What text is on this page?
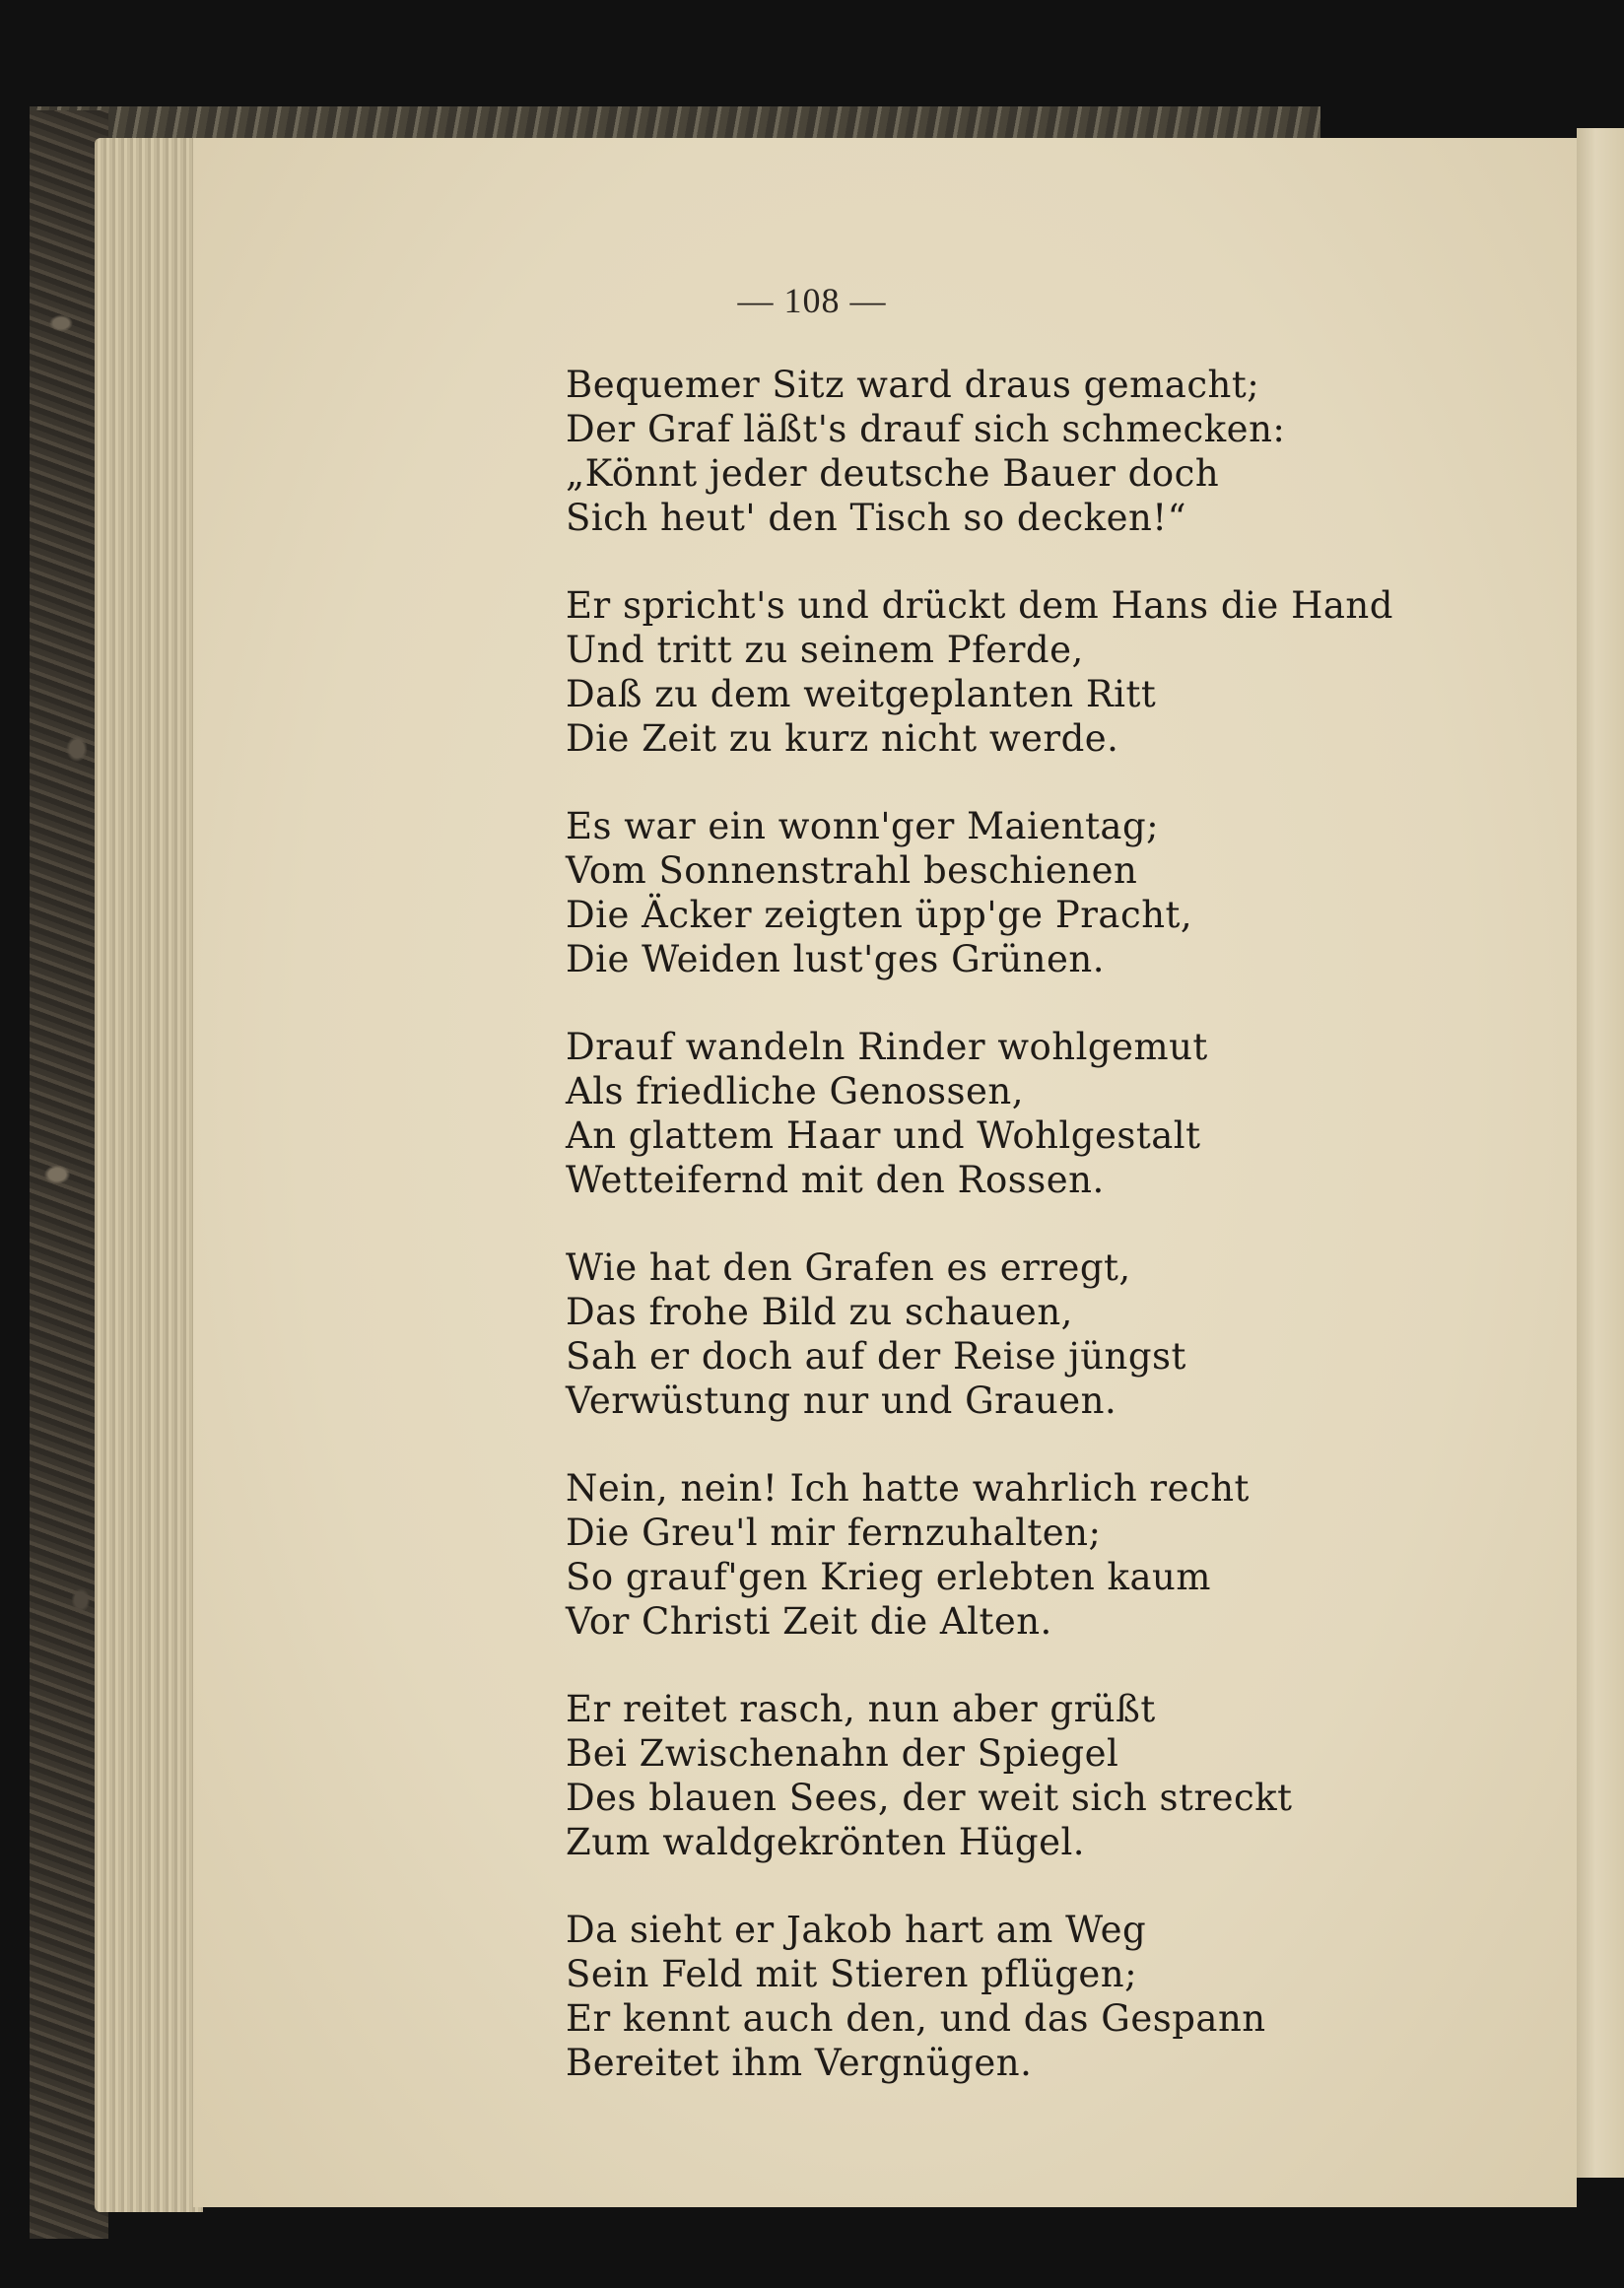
— 108 —
Bequemer Sitz ward draus gemacht;
Der Graf läßt's drauf sich schmecken:
„Könnt jeder deutsche Bauer doch
Sich heut' den Tisch so decken!“
Er spricht's und drückt dem Hans die Hand
Und tritt zu seinem Pferde,
Daß zu dem weitgeplanten Ritt
Die Zeit zu kurz nicht werde.
Es war ein wonn'ger Maientag;
Vom Sonnenstrahl beschienen
Die Äcker zeigten üpp'ge Pracht,
Die Weiden lust'ges Grünen.
Drauf wandeln Rinder wohlgemut
Als friedliche Genossen,
An glattem Haar und Wohlgestalt
Wetteifernd mit den Rossen.
Wie hat den Grafen es erregt,
Das frohe Bild zu schauen,
Sah er doch auf der Reise jüngst
Verwüstung nur und Grauen.
Nein, nein! Ich hatte wahrlich recht
Die Greu'l mir fernzuhalten;
So grauf'gen Krieg erlebten kaum
Vor Christi Zeit die Alten.
Er reitet rasch, nun aber grüßt
Bei Zwischenahn der Spiegel
Des blauen Sees, der weit sich streckt
Zum waldgekrönten Hügel.
Da sieht er Jakob hart am Weg
Sein Feld mit Stieren pflügen;
Er kennt auch den, und das Gespann
Bereitet ihm Vergnügen.
